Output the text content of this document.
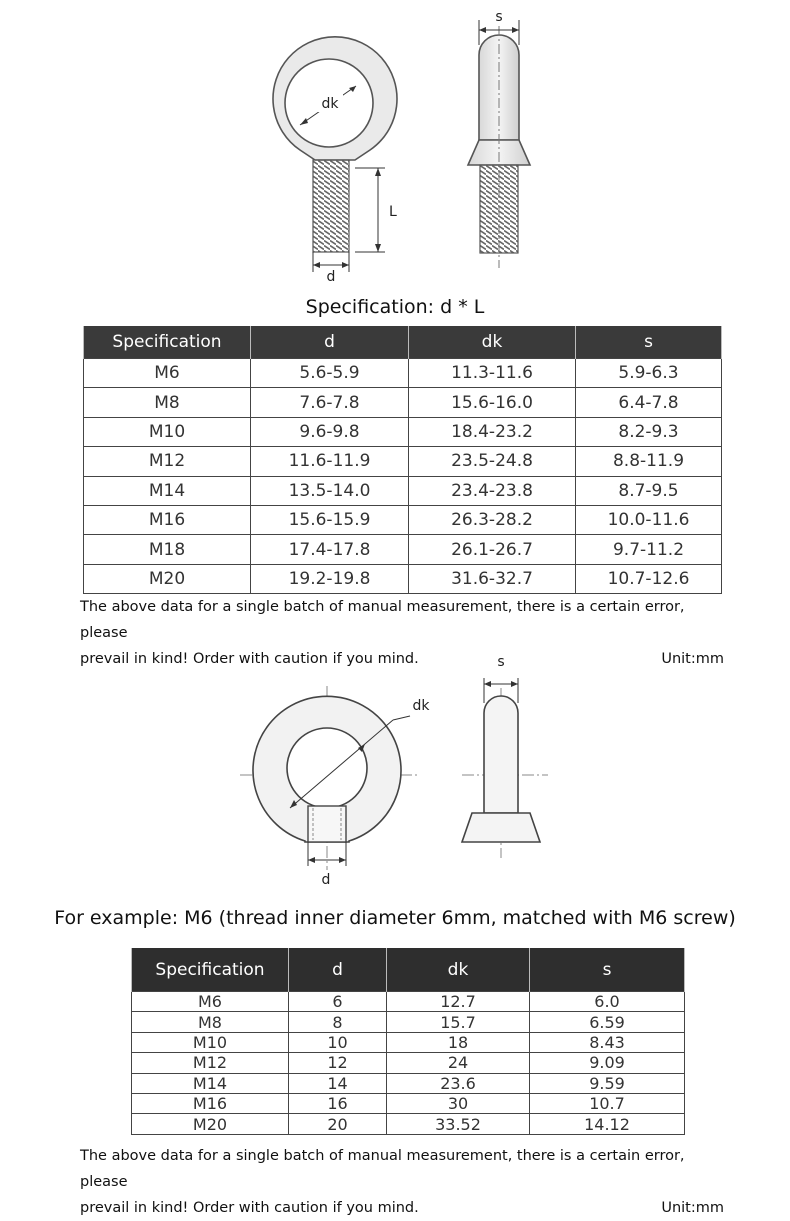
dk
L
d
s
Specification: d * L
Specification	d	dk	s
M6	5.6-5.9	11.3-11.6	5.9-6.3
M8	7.6-7.8	15.6-16.0	6.4-7.8
M10	9.6-9.8	18.4-23.2	8.2-9.3
M12	11.6-11.9	23.5-24.8	8.8-11.9
M14	13.5-14.0	23.4-23.8	8.7-9.5
M16	15.6-15.9	26.3-28.2	10.0-11.6
M18	17.4-17.8	26.1-26.7	9.7-11.2
M20	19.2-19.8	31.6-32.7	10.7-12.6
The above data for a single batch of manual measurement, there is a certain error, please
prevail in kind! Order with caution if you mind.	Unit:mm
dk
d
s
For example: M6 (thread inner diameter 6mm, matched with M6 screw)
Specification	d	dk	s
M6	6	12.7	6.0
M8	8	15.7	6.59
M10	10	18	8.43
M12	12	24	9.09
M14	14	23.6	9.59
M16	16	30	10.7
M20	20	33.52	14.12
The above data for a single batch of manual measurement, there is a certain error, please
prevail in kind! Order with caution if you mind.	Unit:mm
